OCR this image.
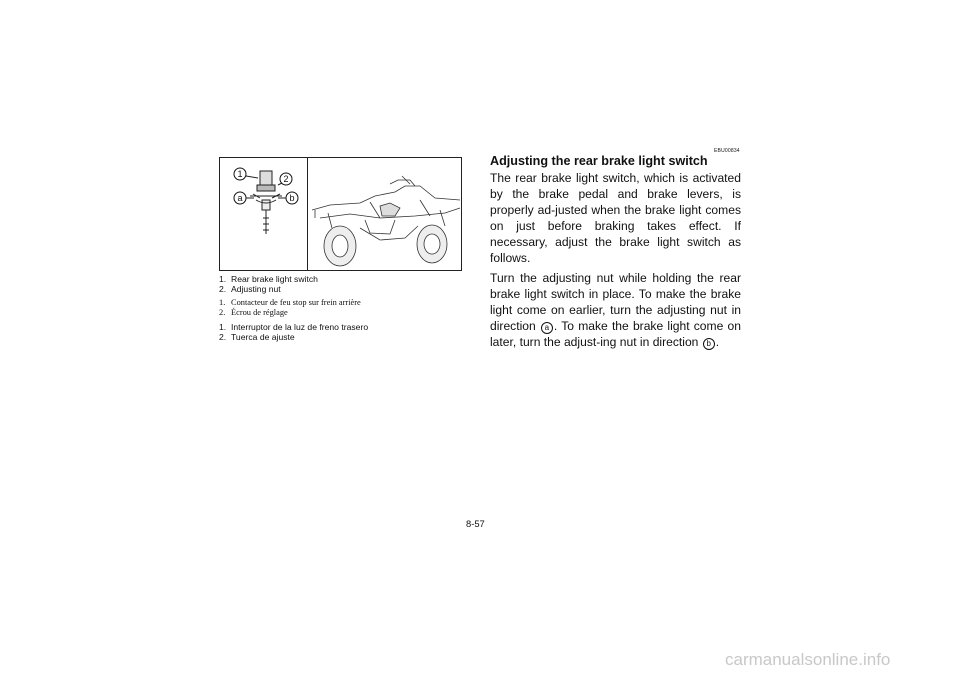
1	2
a	b
1. Rear brake light switch
2. Adjusting nut
1. Contacteur de feu stop sur frein arrière
2. Écrou de réglage
1. Interruptor de la luz de freno trasero
2. Tuerca de ajuste
EBU00834
Adjusting the rear brake light switch

The rear brake light switch, which is activated by the brake pedal and brake levers, is properly ad-justed when the brake light comes on just before braking takes effect. If necessary, adjust the brake light switch as follows.

Turn the adjusting nut while holding the rear brake light switch in place. To make the brake light come on earlier, turn the adjusting nut in direction a . To make the brake light come on later, turn the adjust-ing nut in direction b .

8-57
carmanualsonline.info
